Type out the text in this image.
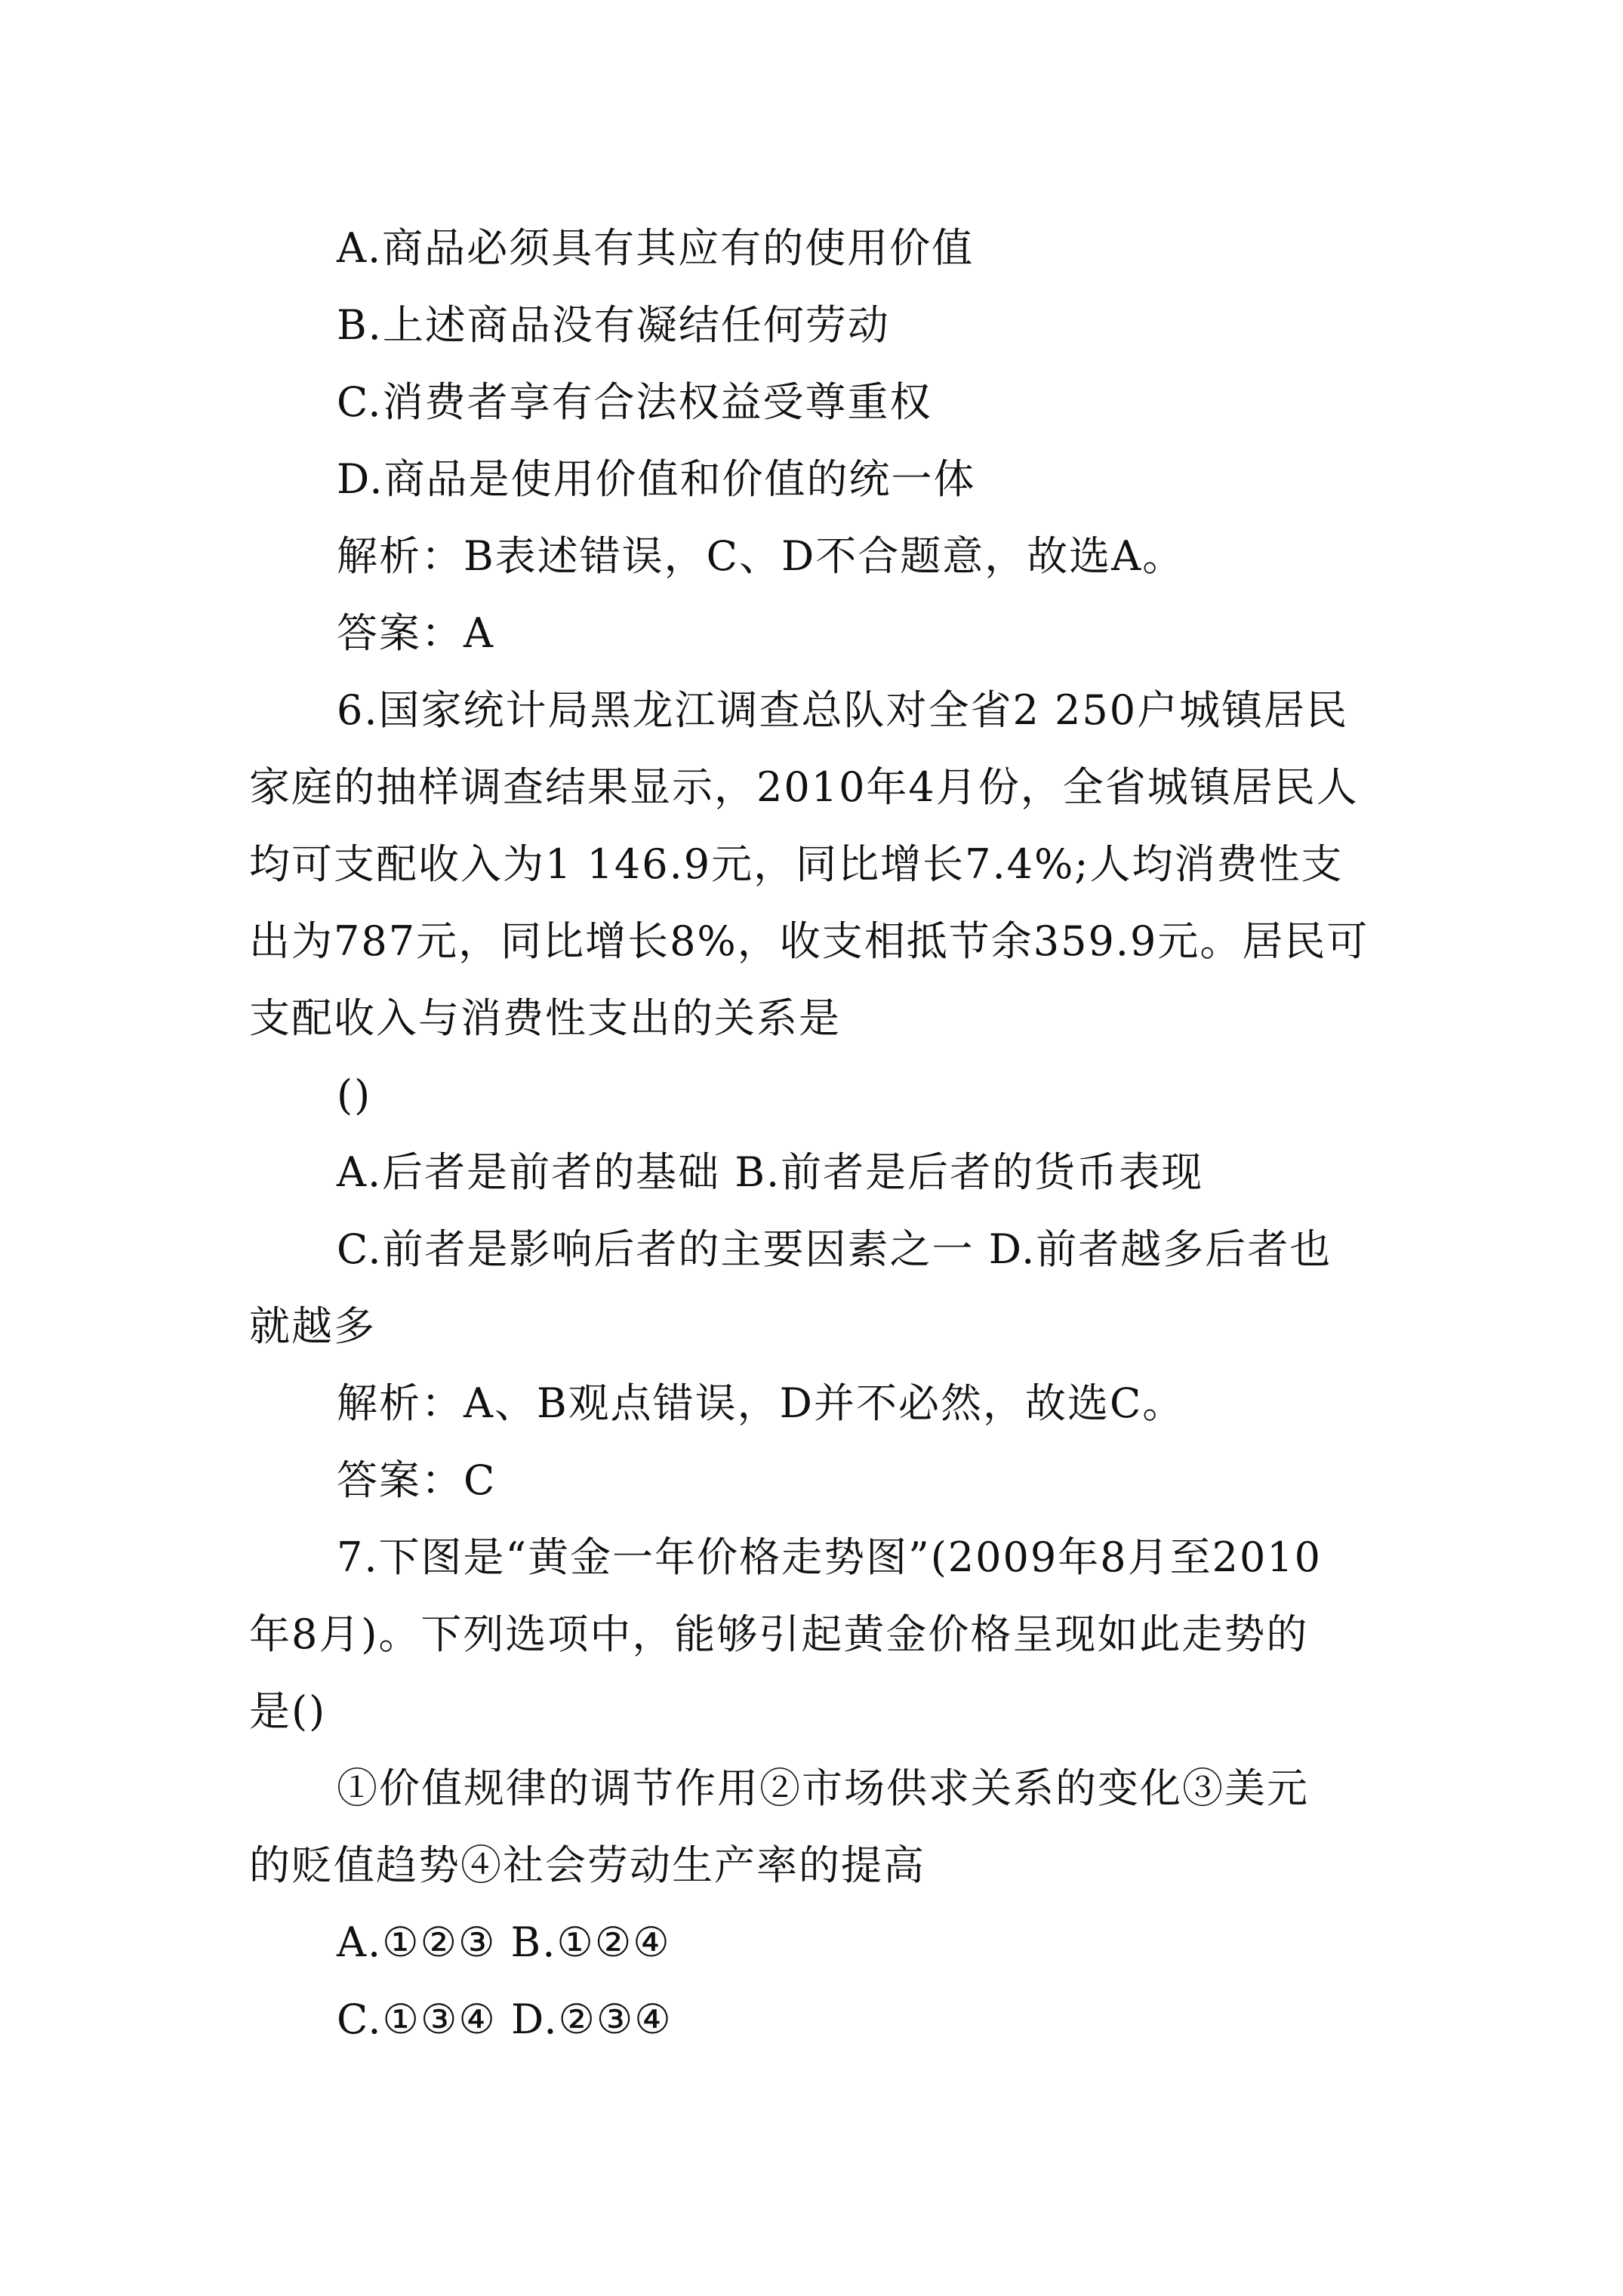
A.商品必须具有其应有的使用价值
B.上述商品没有凝结任何劳动
C.消费者享有合法权益受尊重权
D.商品是使用价值和价值的统一体
解析：B表述错误，C、D不合题意，故选A。
答案：A
6.国家统计局黑龙江调查总队对全省2 250户城镇居民
家庭的抽样调查结果显示，2010年4月份，全省城镇居民人
均可支配收入为1 146.9元，同比增长7.4%;人均消费性支
出为787元，同比增长8%，收支相抵节余359.9元。居民可
支配收入与消费性支出的关系是
()
A.后者是前者的基础 B.前者是后者的货币表现
C.前者是影响后者的主要因素之一 D.前者越多后者也
就越多
解析：A、B观点错误，D并不必然，故选C。
答案：C
7.下图是“黄金一年价格走势图”(2009年8月至2010
年8月)。下列选项中，能够引起黄金价格呈现如此走势的
是()
①价值规律的调节作用②市场供求关系的变化③美元
的贬值趋势④社会劳动生产率的提高
A.①②③ B.①②④
C.①③④ D.②③④
